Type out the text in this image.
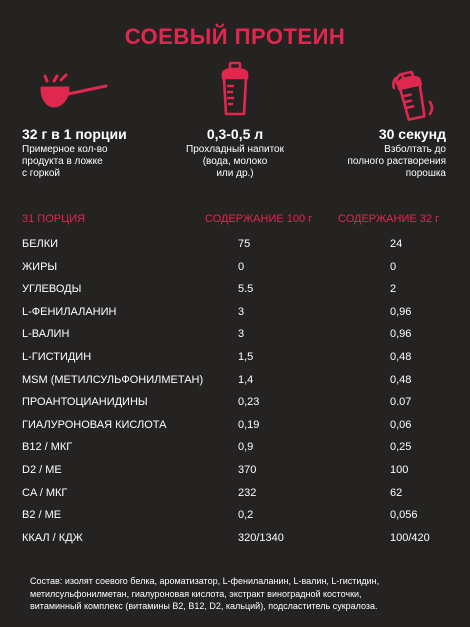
СОЕВЫЙ ПРОТЕИН
32 г в 1 порции
Примерное кол-во
продукта в ложке
с горкой
0,3-0,5 л
Прохладный напиток
(вода, молоко
или др.)
30 секунд
Взболтать до
полного растворения
порошка
31 ПОРЦИЯ	СОДЕРЖАНИЕ 100 г СОДЕРЖАНИЕ 32 г
БЕЛКИ	75	24
ЖИРЫ	0	0
УГЛЕВОДЫ	5.5	2
L-ФЕНИЛАЛАНИН	3	0,96
L-ВАЛИН	3	0,96
L-ГИСТИДИН	1,5	0,48
MSM (МЕТИЛСУЛЬФОНИЛМЕТАН)	1,4	0,48
ПРОАНТОЦИАНИДИНЫ	0,23	0.07
ГИАЛУРОНОВАЯ КИСЛОТА	0,19	0,06
B12 / МКГ	0,9	0,25
D2 / МЕ	370	100
CA / МКГ	232	62
B2 / МЕ	0,2	0,056
ККАЛ / КДЖ	320/1340	100/420
Состав: изолят соевого белка, ароматизатор, L-фенилаланин, L-валин, L-гистидин,
метилсульфонилметан, гиалуроновая кислота, экстракт виноградной косточки,
витаминный комплекс (витамины В2, В12, D2, кальций), подсластитель сукралоза.
